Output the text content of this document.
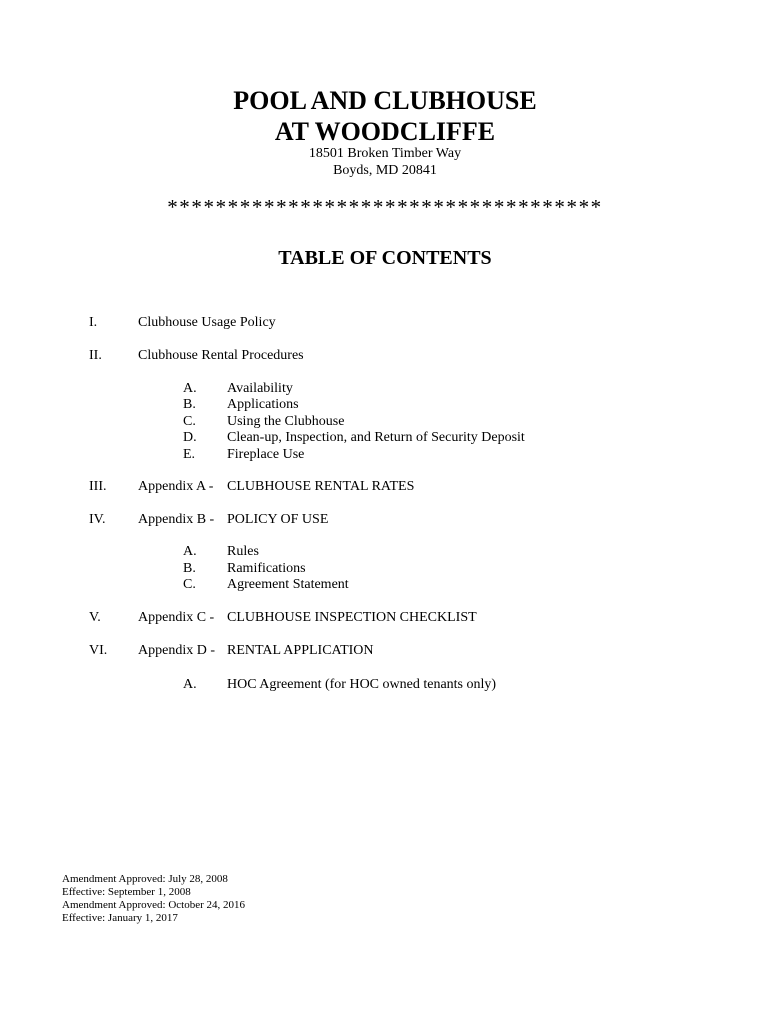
POOL AND CLUBHOUSE
AT WOODCLIFFE
18501 Broken Timber Way
Boyds, MD 20841
************************************
TABLE OF CONTENTS
I.	Clubhouse Usage Policy
II.	Clubhouse Rental Procedures
A. Availability
B. Applications
C. Using the Clubhouse
D. Clean-up, Inspection, and Return of Security Deposit
E. Fireplace Use
III. Appendix A - CLUBHOUSE RENTAL RATES
IV. Appendix B - POLICY OF USE
A. Rules
B. Ramifications
C. Agreement Statement
V.	Appendix C - CLUBHOUSE INSPECTION CHECKLIST
VI. Appendix D - RENTAL APPLICATION
A. HOC Agreement (for HOC owned tenants only)
Amendment Approved: July 28, 2008
Effective: September 1, 2008
Amendment Approved: October 24, 2016
Effective: January 1, 2017
